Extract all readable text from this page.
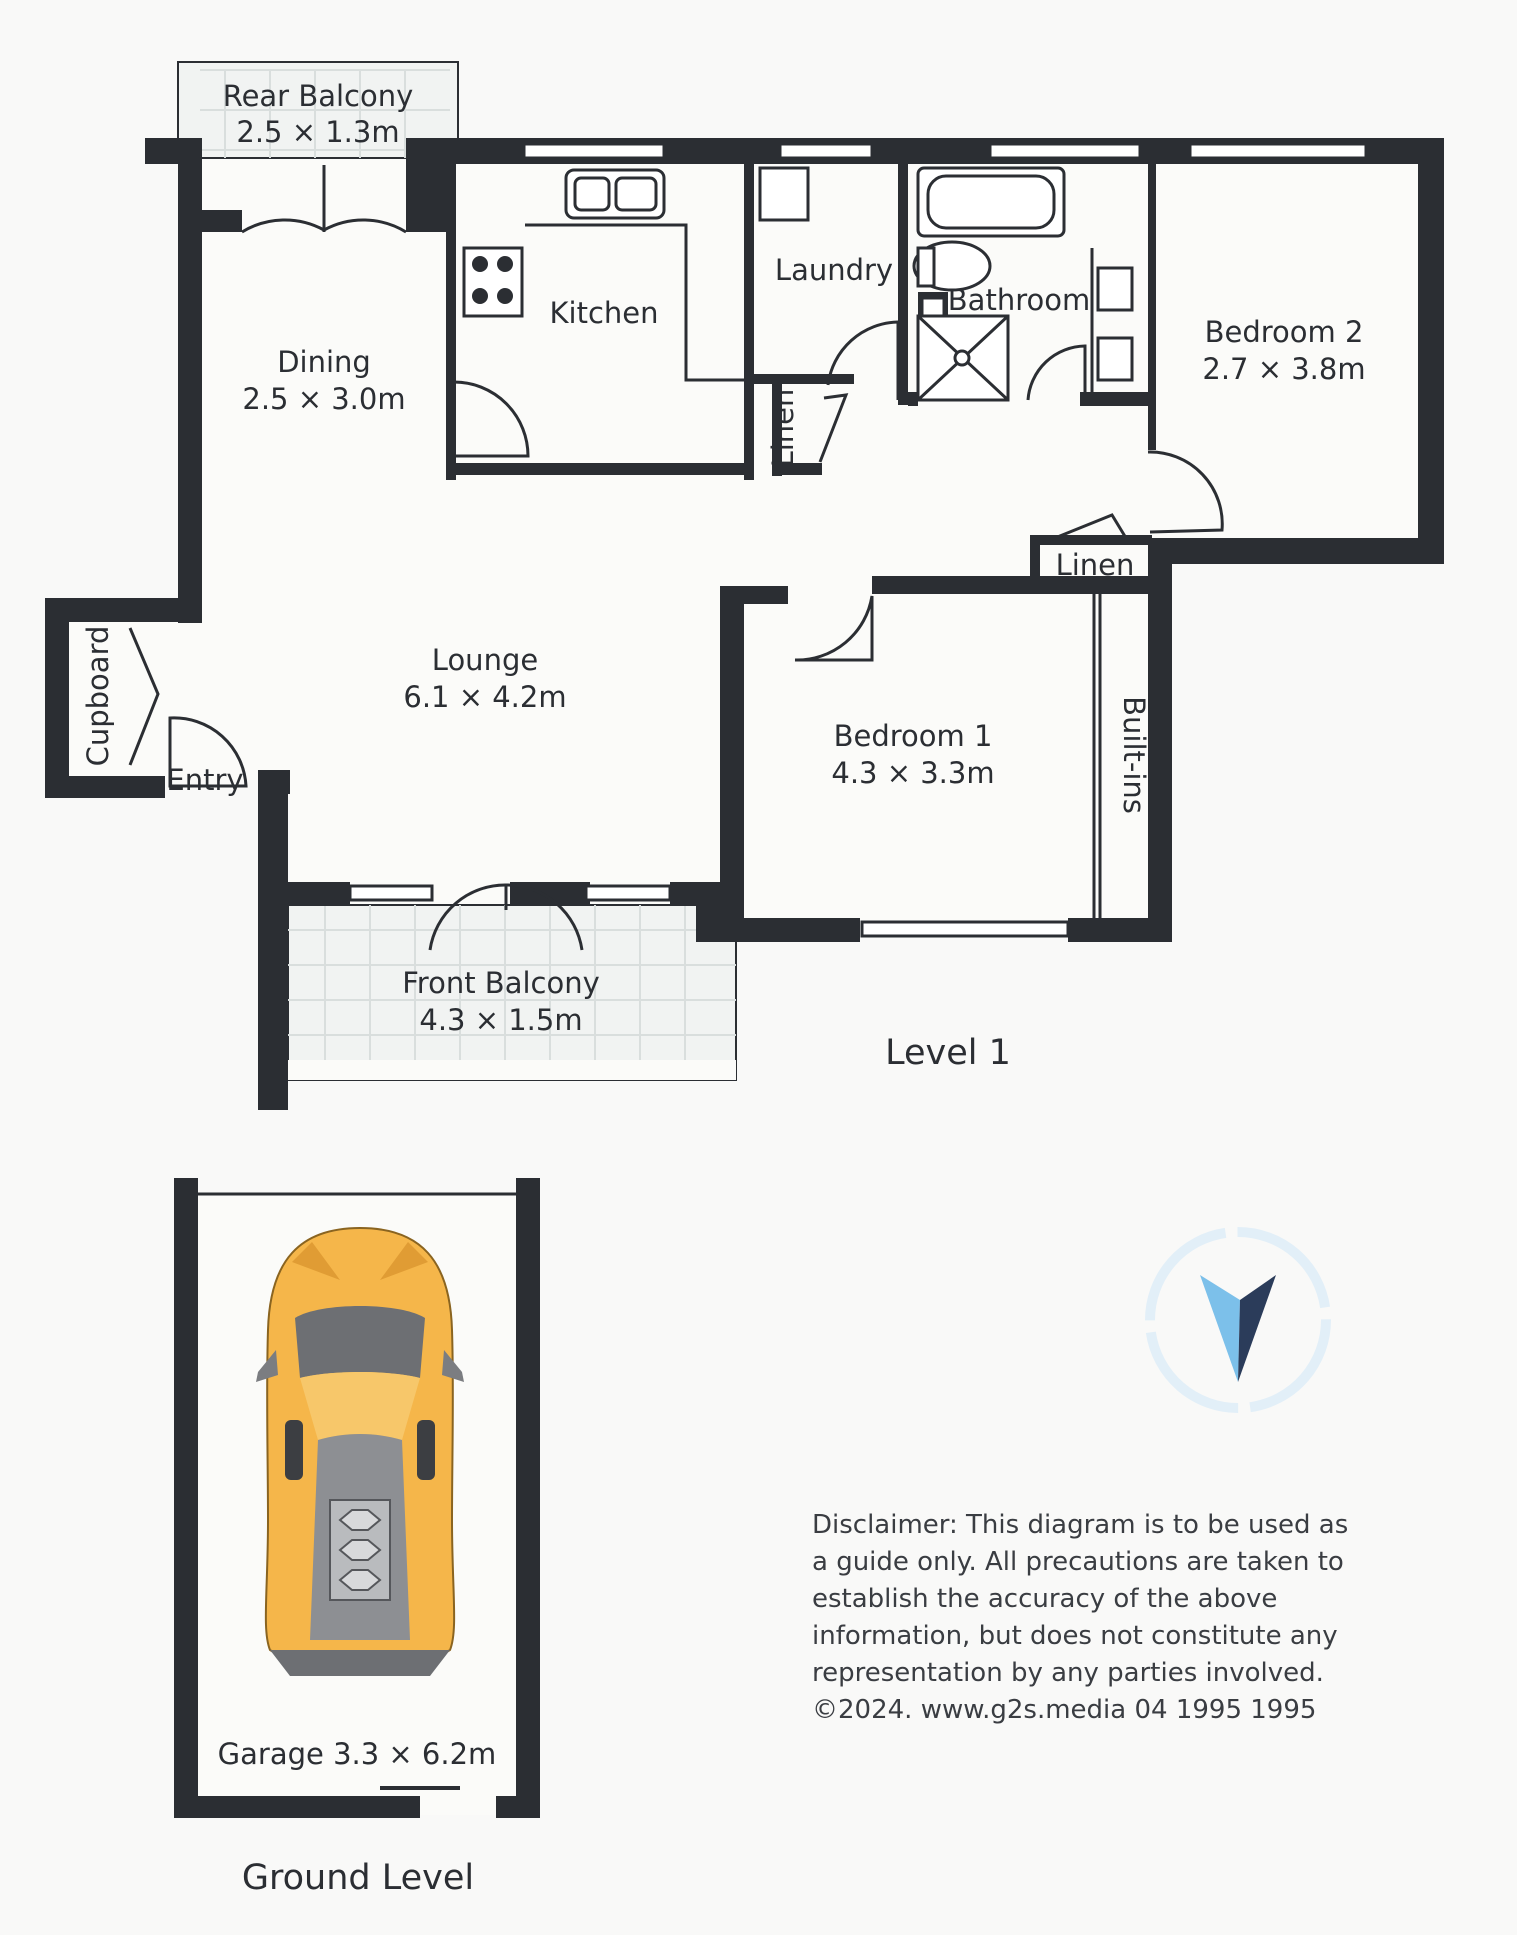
Rear Balcony
2.5 × 1.3m
Dining
2.5 × 3.0m
Kitchen
Laundry
Bathroom
Bedroom 2
2.7 × 3.8m
Linen
Linen
Cupboard
Entry
Lounge
6.1 × 4.2m
Bedroom 1
4.3 × 3.3m	Built-ins
Front Balcony
4.3 × 1.5m
Level 1
Garage 3.3 × 6.2m
Ground Level
Disclaimer: This diagram is to be used as
a guide only. All precautions are taken to
establish the accuracy of the above
information, but does not constitute any
representation by any parties involved.
©2024. www.g2s.media 04 1995 1995
